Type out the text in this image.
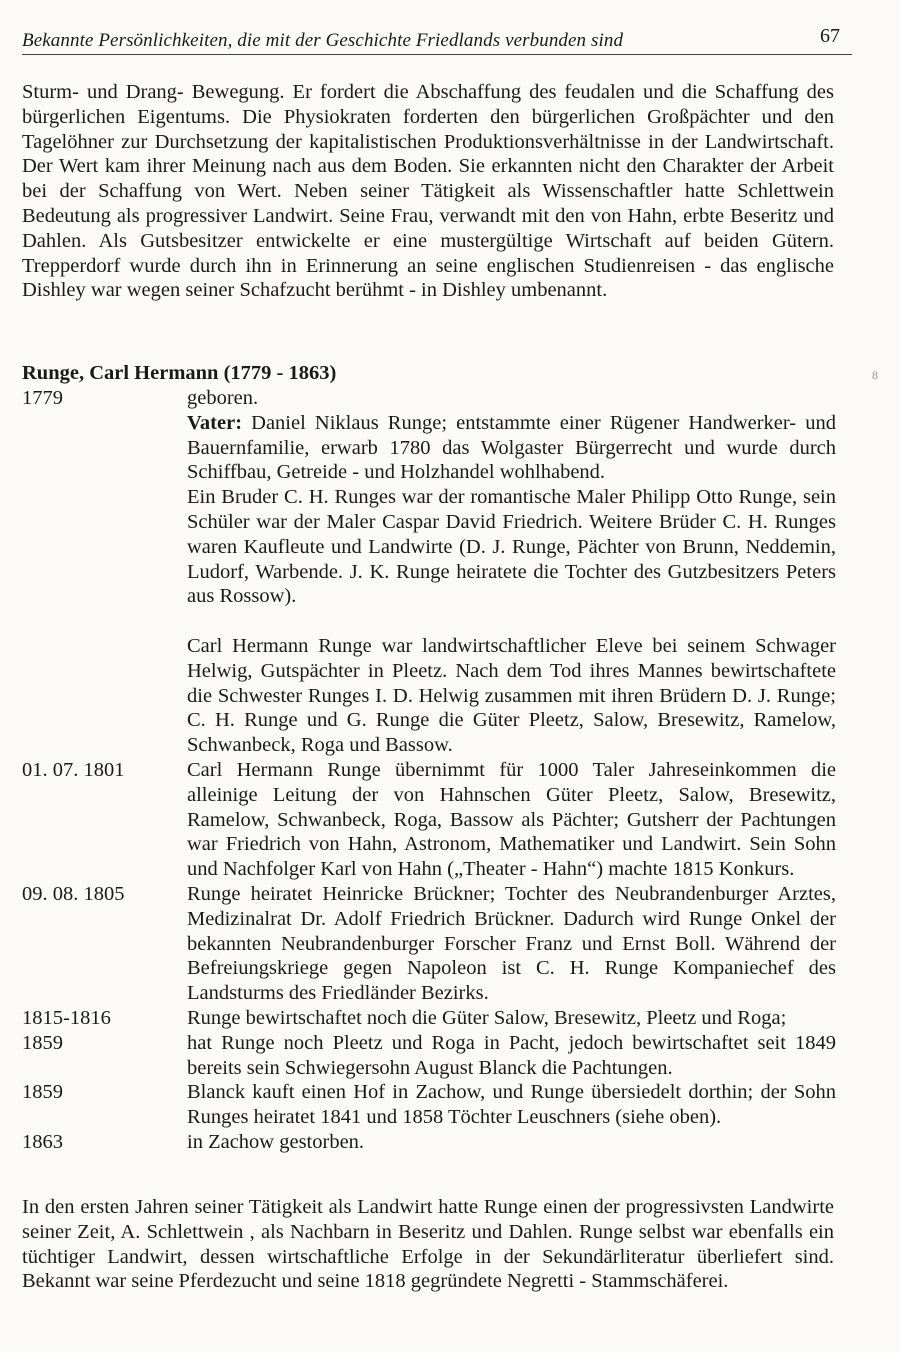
Bekannte Persönlichkeiten, die mit der Geschichte Friedlands verbunden sind	67
Sturm- und Drang- Bewegung. Er fordert die Abschaffung des feudalen und die Schaffung des bürgerlichen Eigentums. Die Physiokraten forderten den bürgerlichen Großpächter und den Tagelöhner zur Durchsetzung der kapitalistischen Produktionsverhältnisse in der Landwirtschaft. Der Wert kam ihrer Meinung nach aus dem Boden. Sie erkannten nicht den Charakter der Arbeit bei der Schaffung von Wert. Neben seiner Tätigkeit als Wissenschaftler hatte Schlettwein Bedeutung als progressiver Landwirt. Seine Frau, verwandt mit den von Hahn, erbte Beseritz und Dahlen. Als Gutsbesitzer entwickelte er eine mustergültige Wirtschaft auf beiden Gütern. Trepperdorf wurde durch ihn in Erinnerung an seine englischen Studienreisen - das englische Dishley war wegen seiner Schafzucht berühmt - in Dishley umbenannt.
Runge, Carl Hermann (1779 - 1863)	8
1779	geboren.
Vater: Daniel Niklaus Runge; entstammte einer Rügener Handwerker- und Bauernfamilie, erwarb 1780 das Wolgaster Bürgerrecht und wurde durch Schiffbau, Getreide - und Holzhandel wohlhabend.
Ein Bruder C. H. Runges war der romantische Maler Philipp Otto Runge, sein Schüler war der Maler Caspar David Friedrich. Weitere Brüder C. H. Runges waren Kaufleute und Landwirte (D. J. Runge, Pächter von Brunn, Neddemin, Ludorf, Warbende. J. K. Runge heiratete die Tochter des Gutzbesitzers Peters aus Rossow).
Carl Hermann Runge war landwirtschaftlicher Eleve bei seinem Schwager Helwig, Gutspächter in Pleetz. Nach dem Tod ihres Mannes bewirtschaftete die Schwester Runges I. D. Helwig zusammen mit ihren Brüdern D. J. Runge; C. H. Runge und G. Runge die Güter Pleetz, Salow, Bresewitz, Ramelow, Schwanbeck, Roga und Bassow.
01. 07. 1801	Carl Hermann Runge übernimmt für 1000 Taler Jahreseinkommen die alleinige Leitung der von Hahnschen Güter Pleetz, Salow, Bresewitz, Ramelow, Schwanbeck, Roga, Bassow als Pächter; Gutsherr der Pachtungen war Friedrich von Hahn, Astronom, Mathematiker und Landwirt. Sein Sohn und Nachfolger Karl von Hahn („Theater - Hahn“) machte 1815 Konkurs.
09. 08. 1805	Runge heiratet Heinricke Brückner; Tochter des Neubrandenburger Arztes, Medizinalrat Dr. Adolf Friedrich Brückner. Dadurch wird Runge Onkel der bekannten Neubrandenburger Forscher Franz und Ernst Boll. Während der Befreiungskriege gegen Napoleon ist C. H. Runge Kompaniechef des Landsturms des Friedländer Bezirks.
1815-1816	Runge bewirtschaftet noch die Güter Salow, Bresewitz, Pleetz und Roga;
1859	hat Runge noch Pleetz und Roga in Pacht, jedoch bewirtschaftet seit 1849 bereits sein Schwiegersohn August Blanck die Pachtungen.
1859	Blanck kauft einen Hof in Zachow, und Runge übersiedelt dorthin; der Sohn Runges heiratet 1841 und 1858 Töchter Leuschners (siehe oben).
1863	in Zachow gestorben.
In den ersten Jahren seiner Tätigkeit als Landwirt hatte Runge einen der progressivsten Landwirte seiner Zeit, A. Schlettwein , als Nachbarn in Beseritz und Dahlen. Runge selbst war ebenfalls ein tüchtiger Landwirt, dessen wirtschaftliche Erfolge in der Sekundärliteratur überliefert sind. Bekannt war seine Pferdezucht und seine 1818 gegründete Negretti - Stammschäferei.
